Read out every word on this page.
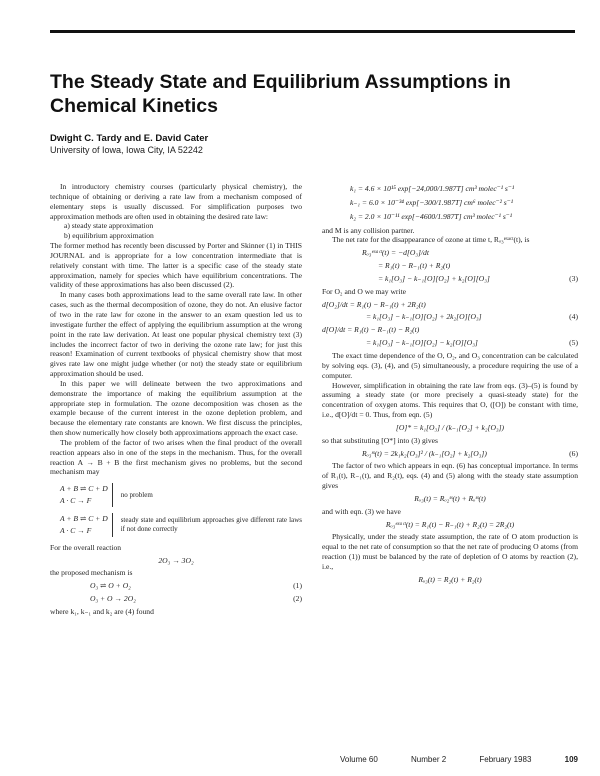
The Steady State and Equilibrium Assumptions in Chemical Kinetics
Dwight C. Tardy and E. David Cater
University of Iowa, Iowa City, IA 52242

In introductory chemistry courses (particularly physical chemistry), the technique of obtaining or deriving a rate law from a mechanism composed of elementary steps is usually discussed. For simplification purposes two approximation methods are often used in obtaining the desired rate law:

a) steady state approximation

b) equilibrium approximation

The former method has recently been discussed by Porter and Skinner (1) in THIS JOURNAL and is appropriate for a low concentration intermediate that is relatively constant with time. The latter is a specific case of the steady state approximation, namely for species which have equilibrium concentrations. The validity of these approximations has also been discussed (2).

In many cases both approximations lead to the same overall rate law. In other cases, such as the thermal decomposition of ozone, they do not. An elusive factor of two in the rate law for ozone in the answer to an exam question led us to investigate further the effect of applying the equilibrium assumption at the wrong point in the rate law derivation. At least one popular physical chemistry text (3) includes the incorrect factor of two in deriving the ozone rate law; for just this reason! Examination of current textbooks of physical chemistry show that most gives rate law one might judge whether (or not) the steady state or equilibrium approximation should be used.

In this paper we will delineate between the two approximations and demonstrate the importance of making the equilibrium assumption at the appropriate step in formulation. The ozone decomposition was chosen as the example because of the current interest in the ozone depletion problem, and because the elementary rate constants are known. We first discuss the principles, then show numerically how closely both approximations approach the exact case.

The problem of the factor of two arises when the final product of the overall reaction appears also in one of the steps in the mechanism. Thus, for the overall reaction A → B + B the first mechanism gives no problems, but the second mechanism may

A + B ⇌ C + D
A · C → F
no problem
A + B ⇌ C + D
A · C → F
steady state and equilibrium approaches give different rate laws if not done correctly

For the overall reaction

2O₃ → 3O₂

the proposed mechanism is

O₃ ⇌ O + O₂	(1)
O₃ + O → 2O₂	(2)

where k₁, k₋₁ and k₂ are (4) found

k₁ = 4.6 × 10¹⁵ exp[−24,000/1.987T] cm³ molec⁻¹ s⁻¹
k₋₁ = 6.0 × 10⁻³⁴ exp[−300/1.987T] cm⁶ molec⁻² s⁻¹
k₂ = 2.0 × 10⁻¹¹ exp[−4600/1.987T] cm³ molec⁻¹ s⁻¹

and M is any collision partner.

The net rate for the disappearance of ozone at time t, Rₒ₃ᵉˣᵃᶜᵗ(t), is

Rₒ₃ᵉˣᵃᶜᵗ(t) = −d[O₃]/dt
= R₁(t) − R₋₁(t) + R₂(t)
= k₁[O₃] − k₋₁[O][O₂] + k₂[O][O₃]	(3)

For O₂ and O we may write

d[O₂]/dt = R₁(t) − R₋₁(t) + 2R₂(t)
= k₁[O₃] − k₋₁[O][O₂] + 2k₂[O][O₃]	(4)
d[O]/dt = R₁(t) − R₋₁(t) − R₂(t)
= k₁[O₃] − k₋₁[O][O₂] − k₂[O][O₃]	(5)

The exact time dependence of the O, O₂, and O₃ concentration can be calculated by solving eqs. (3), (4), and (5) simultaneously, a procedure requiring the use of a computer.

However, simplification in obtaining the rate law from eqs. (3)–(5) is found by assuming a steady state (or more precisely a quasi-steady state) for the concentration of oxygen atoms. This requires that O, ([O]) be constant with time, i.e., d[O]/dt = 0. Thus, from eqn. (5)

[O]* = k₁[O₃] / (k₋₁[O₂] + k₂[O₃])

so that substituting [O*] into (3) gives

Rₒ₃ˢˢ(t) = 2k₁k₂[O₃]² / (k₋₁[O₂] + k₂[O₃])	(6)

The factor of two which appears in eqn. (6) has conceptual importance. In terms of R₁(t), R₋₁(t), and R₂(t), eqs. (4) and (5) along with the steady state assumption gives

Rₒ₃(t) = Rₒ₂ˢˢ(t) + Rₒˢˢ(t)

and with eqn. (3) we have

Rₒ₃ᵉˣᵃᶜᵗ(t) = R₁(t) − R₋₁(t) + R₂(t) = 2R₂(t)

Physically, under the steady state assumption, the rate of O atom production is equal to the net rate of consumption so that the net rate of producing O atoms (from reaction (1)) must be balanced by the rate of depletion of O atoms by reaction (2), i.e.,

Rₒ₃(t) = R₂(t) + R₂(t)
Volume 60	Number 2	February 1983	109
